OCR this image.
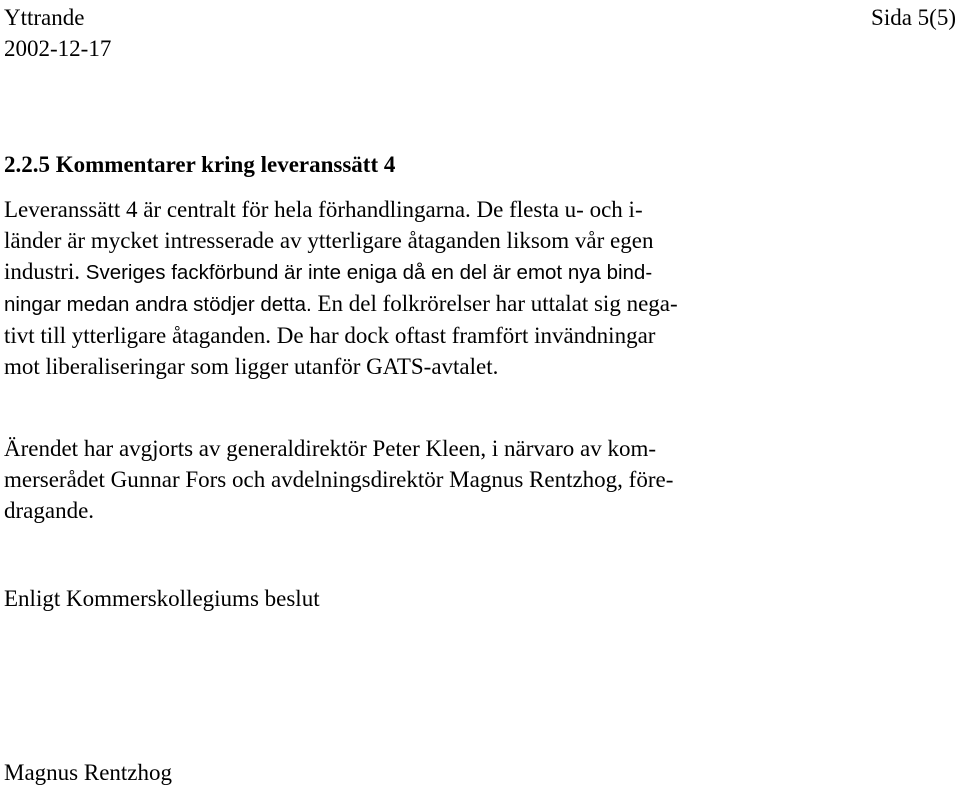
Yttrande
2002-12-17
Sida 5(5)
2.2.5 Kommentarer kring leveranssätt 4
Leveranssätt 4 är centralt för hela förhandlingarna. De flesta u- och i-
länder är mycket intresserade av ytterligare åtaganden liksom vår egen
industri. Sveriges fackförbund är inte eniga då en del är emot nya bind-
ningar medan andra stödjer detta. En del folkrörelser har uttalat sig nega-
tivt till ytterligare åtaganden. De har dock oftast framfört invändningar
mot liberaliseringar som ligger utanför GATS-avtalet.
Ärendet har avgjorts av generaldirektör Peter Kleen, i närvaro av kom-
merserådet Gunnar Fors och avdelningsdirektör Magnus Rentzhog, före-
dragande.
Enligt Kommerskollegiums beslut
Magnus Rentzhog
